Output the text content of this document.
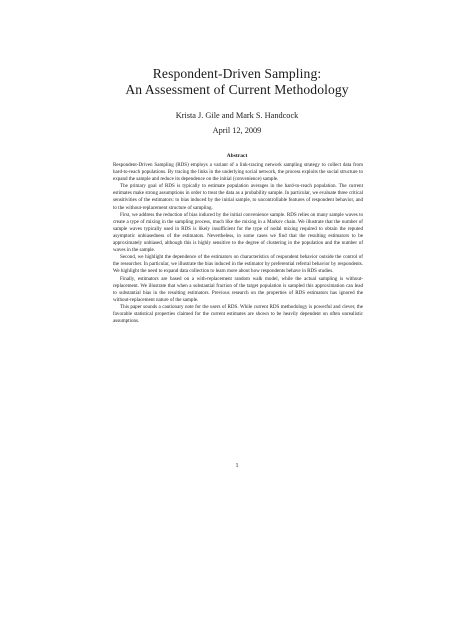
Respondent-Driven Sampling:
An Assessment of Current Methodology
Krista J. Gile and Mark S. Handcock
April 12, 2009
Abstract

Respondent-Driven Sampling (RDS) employs a variant of a link-tracing network sampling strategy to collect data from hard-to-reach populations. By tracing the links in the underlying social network, the process exploits the social structure to expand the sample and reduce its dependence on the initial (convenience) sample.

The primary goal of RDS is typically to estimate population averages in the hard-to-reach population. The current estimates make strong assumptions in order to treat the data as a probability sample. In particular, we evaluate three critical sensitivities of the estimators: to bias induced by the initial sample, to uncontrollable features of respondent behavior, and to the without-replacement structure of sampling.

First, we address the reduction of bias induced by the initial convenience sample. RDS relies on many sample waves to create a type of mixing in the sampling process, much like the mixing in a Markov chain. We illustrate that the number of sample waves typically used in RDS is likely insufficient for the type of nodal mixing required to obtain the reputed asymptotic unbiasedness of the estimators. Nevertheless, in some cases we find that the resulting estimators to be approximately unbiased, although this is highly sensitive to the degree of clustering in the population and the number of waves in the sample.

Second, we highlight the dependence of the estimators on characteristics of respondent behavior outside the control of the researcher. In particular, we illustrate the bias induced in the estimator by preferential referral behavior by respondents. We highlight the need to expand data collection to learn more about how respondents behave in RDS studies.

Finally, estimators are based on a with-replacement random walk model, while the actual sampling is without-replacement. We illustrate that when a substantial fraction of the target population is sampled this approximation can lead to substantial bias in the resulting estimators. Previous research on the properties of RDS estimators has ignored the without-replacement nature of the sample.

This paper sounds a cautionary note for the users of RDS. While current RDS methodology is powerful and clever, the favorable statistical properties claimed for the current estimates are shown to be heavily dependent on often unrealistic assumptions.

1
